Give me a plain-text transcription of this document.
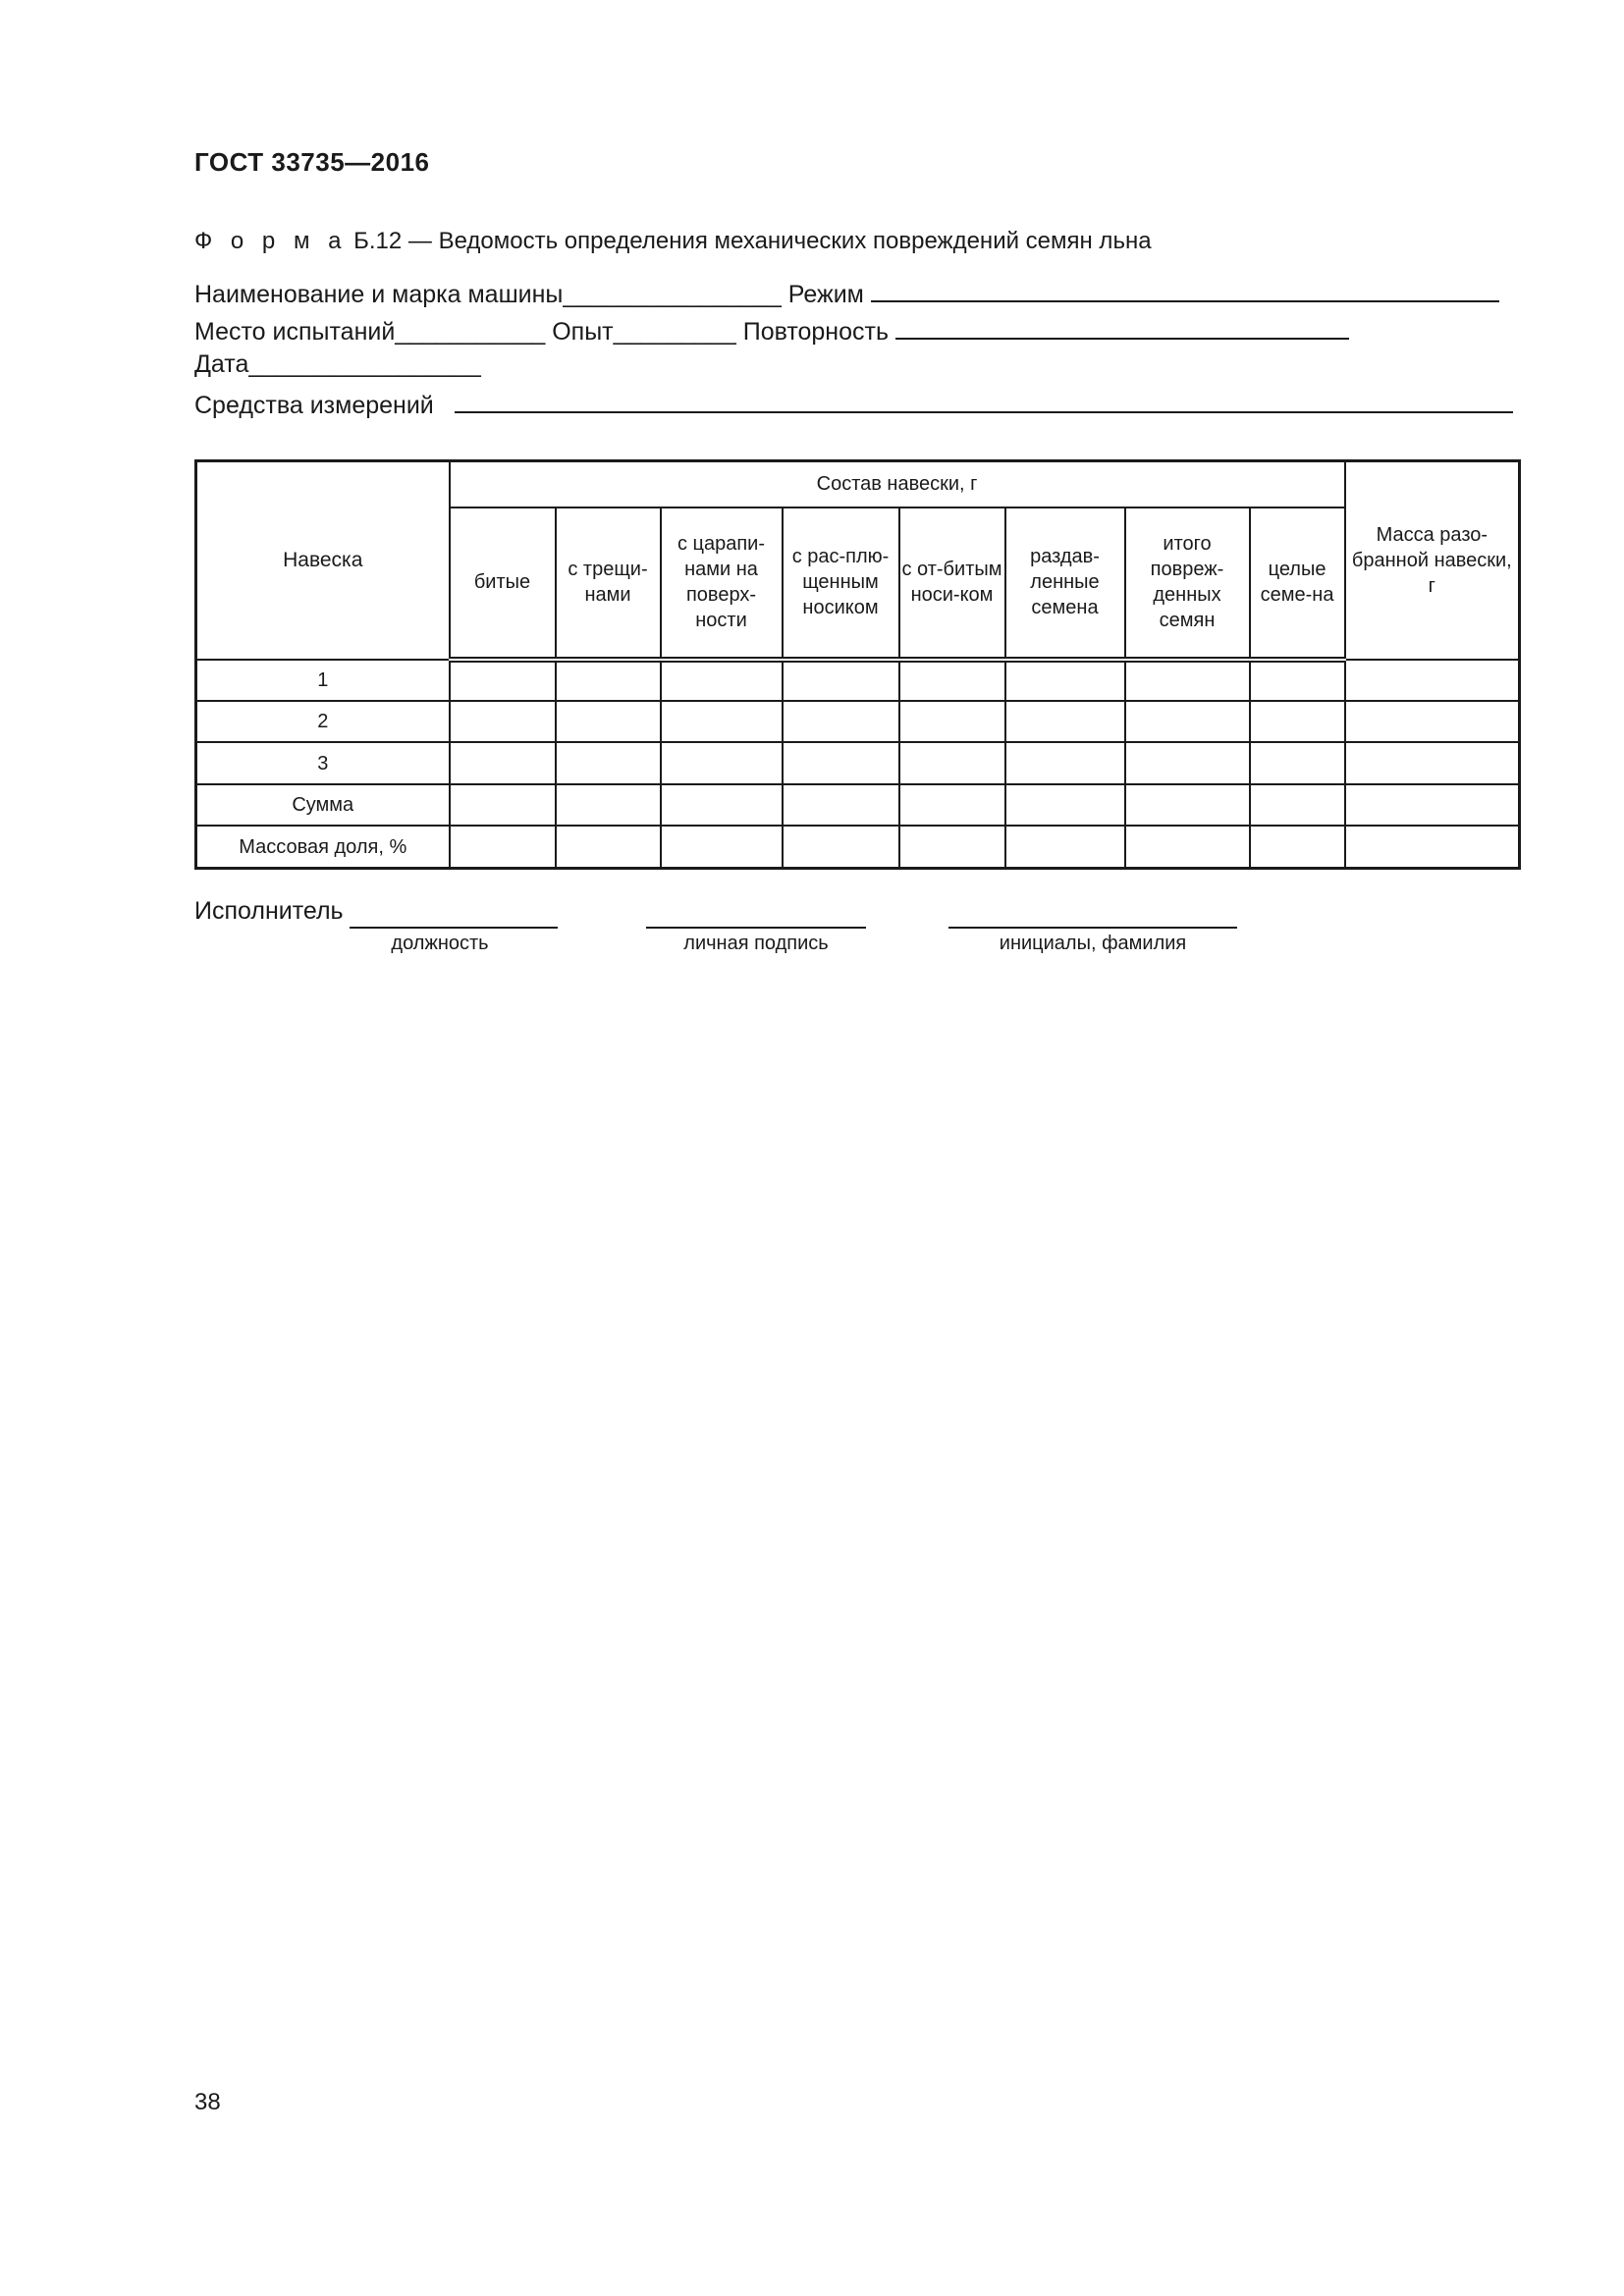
ГОСТ 33735—2016
Ф о р м а Б.12 — Ведомость определения механических повреждений семян льна
Наименование и марка машины________________ Режим
Место испытаний___________ Опыт_________ Повторность
Дата_________________
Средства измерений
Навеска	Состав навески, г								Масса разо-бранной навески, г
	битые	с трещи-нами	с царапи-нами на поверх-ности	с рас-плю-щенным носиком	с от-битым носи-ком	раздав-ленные семена	итого повреж-денных семян	целые семе-на	
1									
2									
3									
Сумма									
Массовая доля, %									
Исполнитель
должность	личная подпись	инициалы, фамилия
38
